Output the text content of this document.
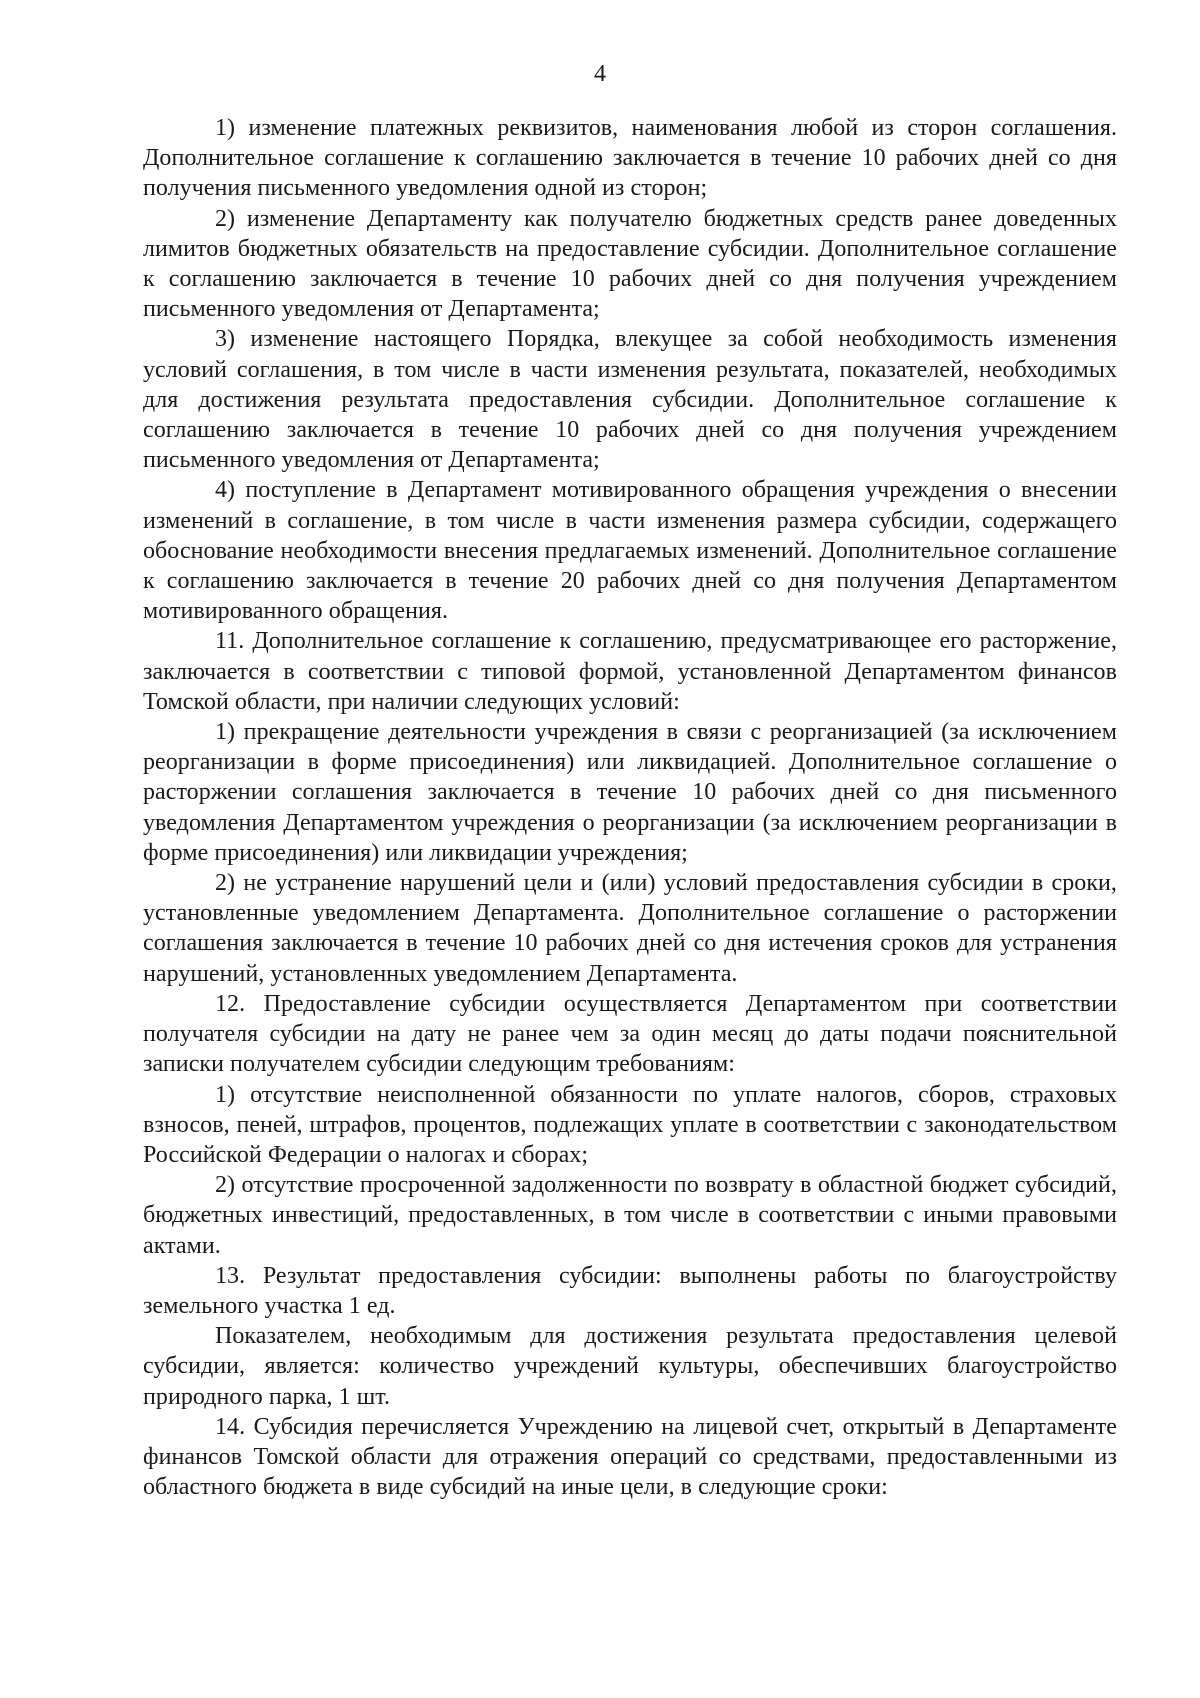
4

1) изменение платежных реквизитов, наименования любой из сторон соглашения. Дополнительное соглашение к соглашению заключается в течение 10 рабочих дней со дня получения письменного уведомления одной из сторон;

2) изменение Департаменту как получателю бюджетных средств ранее доведенных лимитов бюджетных обязательств на предоставление субсидии. Дополнительное соглашение к соглашению заключается в течение 10 рабочих дней со дня получения учреждением письменного уведомления от Департамента;

3) изменение настоящего Порядка, влекущее за собой необходимость изменения условий соглашения, в том числе в части изменения результата, показателей, необходимых для достижения результата предоставления субсидии. Дополнительное соглашение к соглашению заключается в течение 10 рабочих дней со дня получения учреждением письменного уведомления от Департамента;

4) поступление в Департамент мотивированного обращения учреждения о внесении изменений в соглашение, в том числе в части изменения размера субсидии, содержащего обоснование необходимости внесения предлагаемых изменений. Дополнительное соглашение к соглашению заключается в течение 20 рабочих дней со дня получения Департаментом мотивированного обращения.

11. Дополнительное соглашение к соглашению, предусматривающее его расторжение, заключается в соответствии с типовой формой, установленной Департаментом финансов Томской области, при наличии следующих условий:

1) прекращение деятельности учреждения в связи с реорганизацией (за исключением реорганизации в форме присоединения) или ликвидацией. Дополнительное соглашение о расторжении соглашения заключается в течение 10 рабочих дней со дня письменного уведомления Департаментом учреждения о реорганизации (за исключением реорганизации в форме присоединения) или ликвидации учреждения;

2) не устранение нарушений цели и (или) условий предоставления субсидии в сроки, установленные уведомлением Департамента. Дополнительное соглашение о расторжении соглашения заключается в течение 10 рабочих дней со дня истечения сроков для устранения нарушений, установленных уведомлением Департамента.

12. Предоставление субсидии осуществляется Департаментом при соответствии получателя субсидии на дату не ранее чем за один месяц до даты подачи пояснительной записки получателем субсидии следующим требованиям:

1) отсутствие неисполненной обязанности по уплате налогов, сборов, страховых взносов, пеней, штрафов, процентов, подлежащих уплате в соответствии с законодательством Российской Федерации о налогах и сборах;

2) отсутствие просроченной задолженности по возврату в областной бюджет субсидий, бюджетных инвестиций, предоставленных, в том числе в соответствии с иными правовыми актами.

13. Результат предоставления субсидии: выполнены работы по благоустройству земельного участка 1 ед.

Показателем, необходимым для достижения результата предоставления целевой субсидии, является: количество учреждений культуры, обеспечивших благоустройство природного парка, 1 шт.

14. Субсидия перечисляется Учреждению на лицевой счет, открытый в Департаменте финансов Томской области для отражения операций со средствами, предоставленными из областного бюджета в виде субсидий на иные цели, в следующие сроки:
